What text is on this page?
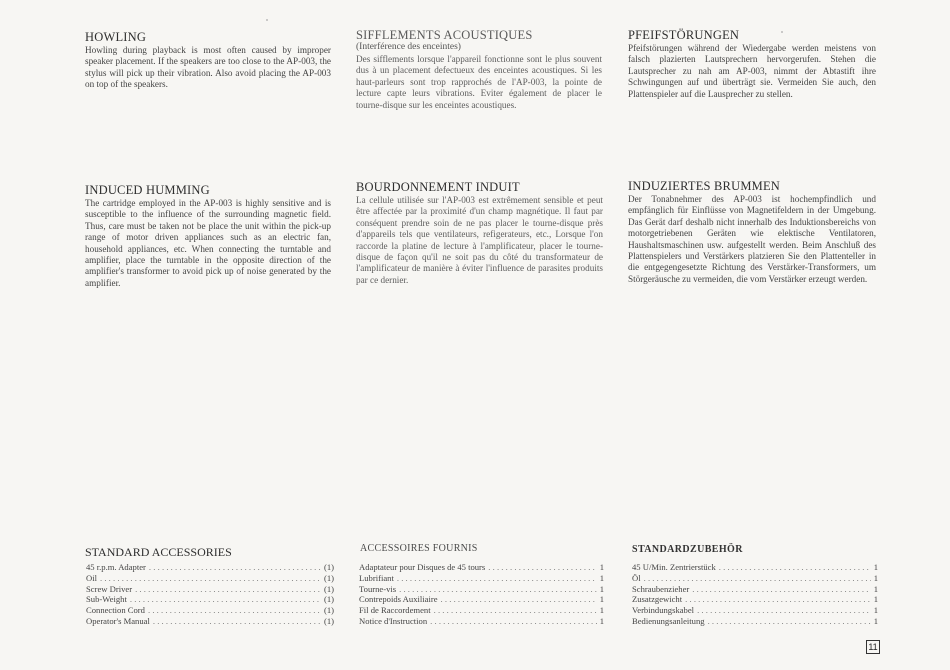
HOWLING
Howling during playback is most often caused by improper speaker placement. If the speakers are too close to the AP-003, the stylus will pick up their vibration. Also avoid placing the AP-003 on top of the speakers.
SIFFLEMENTS ACOUSTIQUES
(Interférence des enceintes)
Des sifflements lorsque l'appareil fonctionne sont le plus souvent dus à un placement defectueux des enceintes acoustiques. Si les haut-parleurs sont trop rapprochés de l'AP-003, la pointe de lecture capte leurs vibrations. Eviter également de placer le tourne-disque sur les enceintes acoustiques.
PFEIFSTÖRUNGEN
Pfeifstörungen während der Wiedergabe werden meistens von falsch plazierten Lautsprechern hervorgerufen. Stehen die Lautsprecher zu nah am AP-003, nimmt der Abtastift ihre Schwingungen auf und überträgt sie. Vermeiden Sie auch, den Plattenspieler auf die Lausprecher zu stellen.
INDUCED HUMMING
The cartridge employed in the AP-003 is highly sensitive and is susceptible to the influence of the surrounding magnetic field. Thus, care must be taken not be place the unit within the pick-up range of motor driven appliances such as an electric fan, household appliances, etc. When connecting the turntable and amplifier, place the turntable in the opposite direction of the amplifier's transformer to avoid pick up of noise generated by the amplifier.
BOURDONNEMENT INDUIT
La cellule utilisée sur l'AP-003 est extrêmement sensible et peut être affectée par la proximité d'un champ magnétique. Il faut par conséquent prendre soin de ne pas placer le tourne-disque près d'appareils tels que ventilateurs, refigerateurs, etc., Lorsque l'on raccorde la platine de lecture à l'amplificateur, placer le tourne-disque de façon qu'il ne soit pas du côté du transformateur de l'amplificateur de manière à éviter l'influence de parasites produits par ce dernier.
INDUZIERTES BRUMMEN
Der Tonabnehmer des AP-003 ist hochempfindlich und empfänglich für Einflüsse von Magnetifeldern in der Umgebung. Das Gerät darf deshalb nicht innerhalb des Induktionsbereichs von motorgetriebenen Geräten wie elektische Ventilatoren, Haushaltsmaschinen usw. aufgestellt werden. Beim Anschluß des Plattenspielers und Verstärkers platzieren Sie den Plattenteller in die entgegengesetzte Richtung des Verstärker-Transformers, um Störgeräusche zu vermeiden, die vom Verstärker erzeugt werden.
STANDARD ACCESSORIES
45 r.p.m. Adapter .....	(1)
Oil .....	(1)
Screw Driver .....	(1)
Sub-Weight .....	(1)
Connection Cord .....	(1)
Operator's Manual .....	(1)
ACCESSOIRES FOURNIS
Adaptateur pour Disques de 45 tours .....	1
Lubrifiant .....	1
Tourne-vis .....	1
Contrepoids Auxiliaire .....	1
Fil de Raccordement .....	1
Notice d'Instruction .....	1
STANDARDZUBEHÖR
45 U/Min. Zentrierstück .....	1
Öl .....	1
Schraubenzieher .....	1
Zusatzgewicht .....	1
Verbindungskabel .....	1
Bedienungsanleitung .....	1
11
